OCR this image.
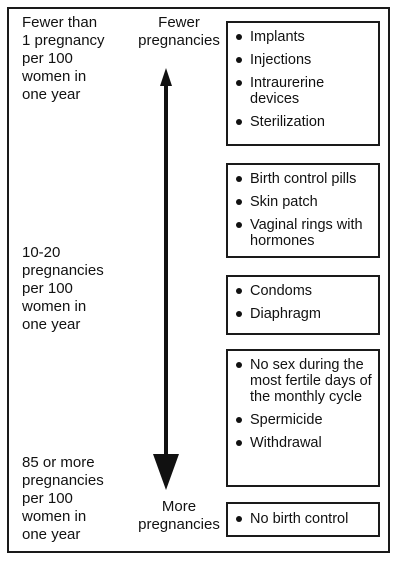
Fewer than
1 pregnancy
per 100
women in
one year
10-20
pregnancies
per 100
women in
one year
85 or more
pregnancies
per 100
women in
one year
Fewer
pregnancies
More
pregnancies
Implants
Injections
Intraurerine devices
Sterilization
Birth control pills
Skin patch
Vaginal rings with hormones
Condoms
Diaphragm
No sex during the most fertile days of the monthly cycle
Spermicide
Withdrawal
No birth control
